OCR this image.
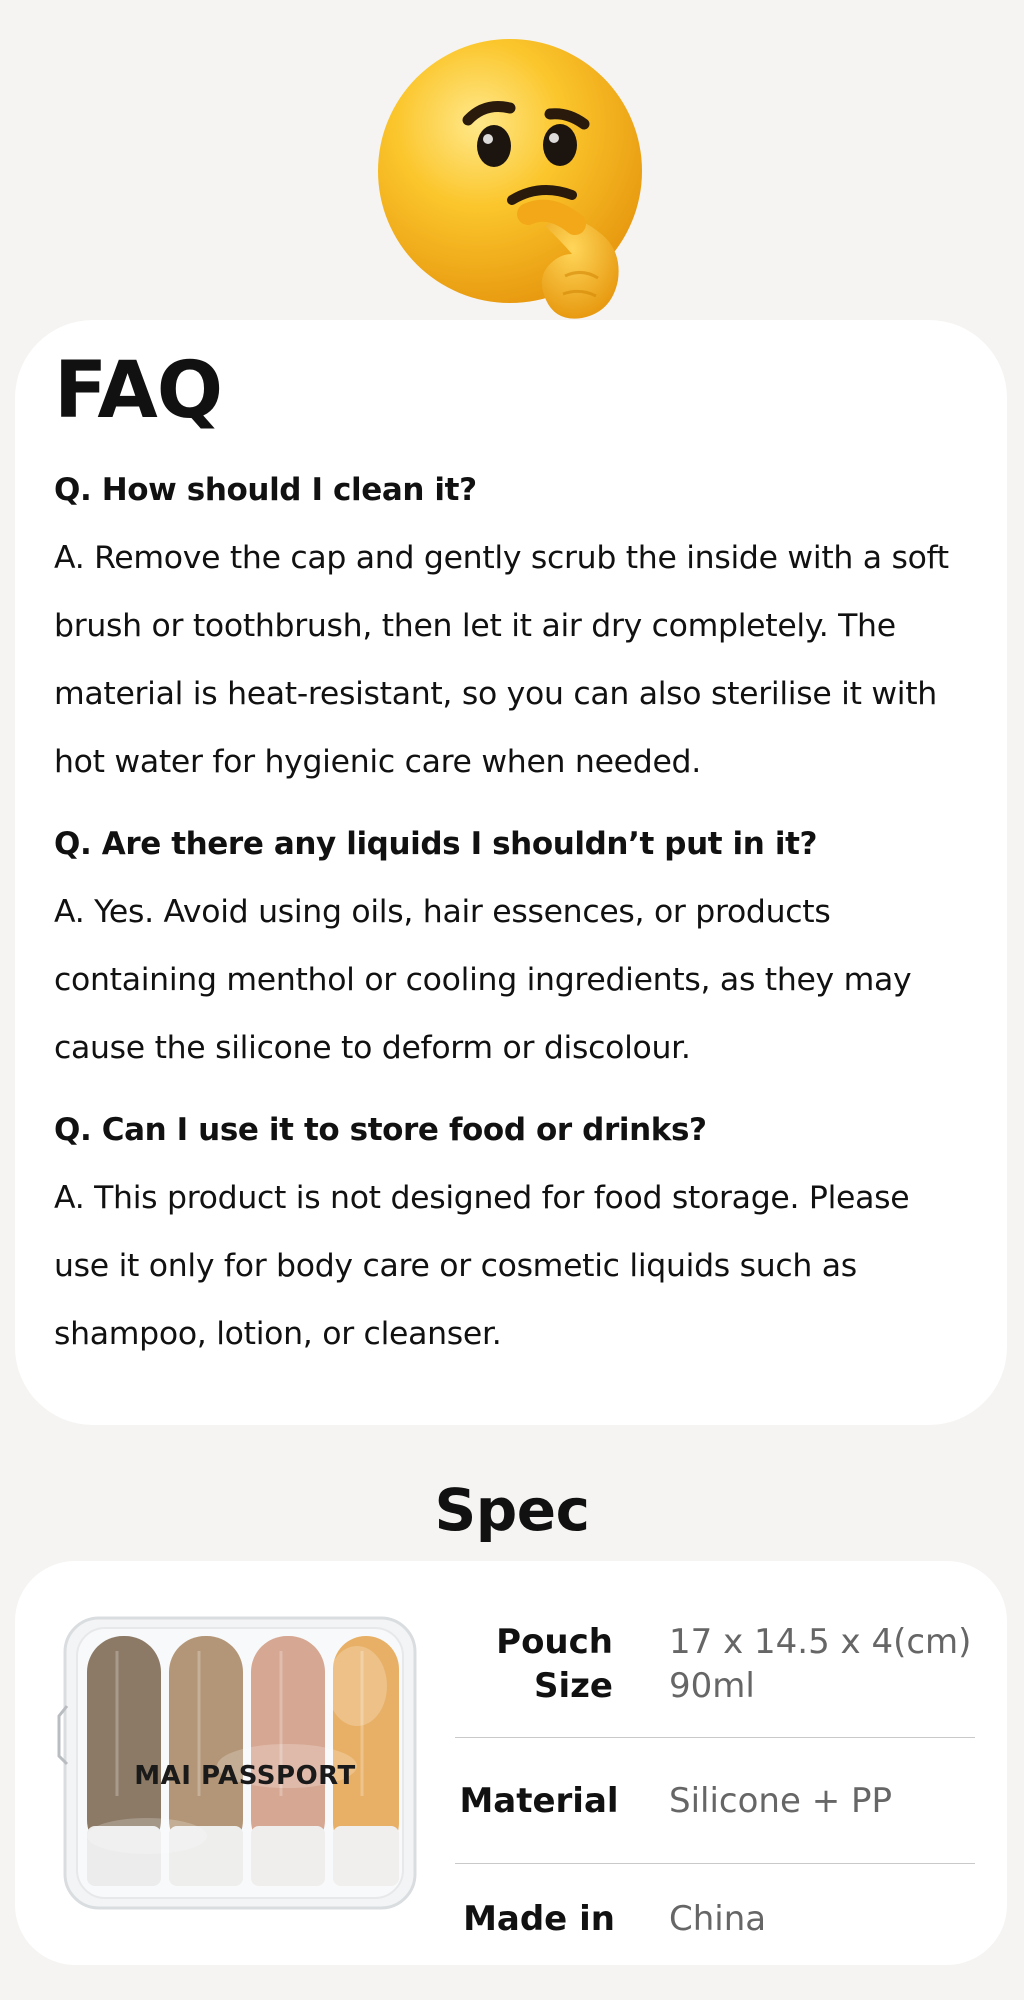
FAQ

Q. How should I clean it?

A. Remove the cap and gently scrub the inside with a soft brush or toothbrush, then let it air dry completely. The material is heat-resistant, so you can also sterilise it with hot water for hygienic care when needed.

Q. Are there any liquids I shouldn’t put in it?

A. Yes. Avoid using oils, hair essences, or products containing menthol or cooling ingredients, as they may cause the silicone to deform or discolour.

Q. Can I use it to store food or drinks?

A. This product is not designed for food storage. Please use it only for body care or cosmetic liquids such as shampoo, lotion, or cleanser.

Spec
MAI PASSPORT
Pouch Size
17 x 14.5 x 4(cm)
90ml
Material Silicone + PP
Made in China
